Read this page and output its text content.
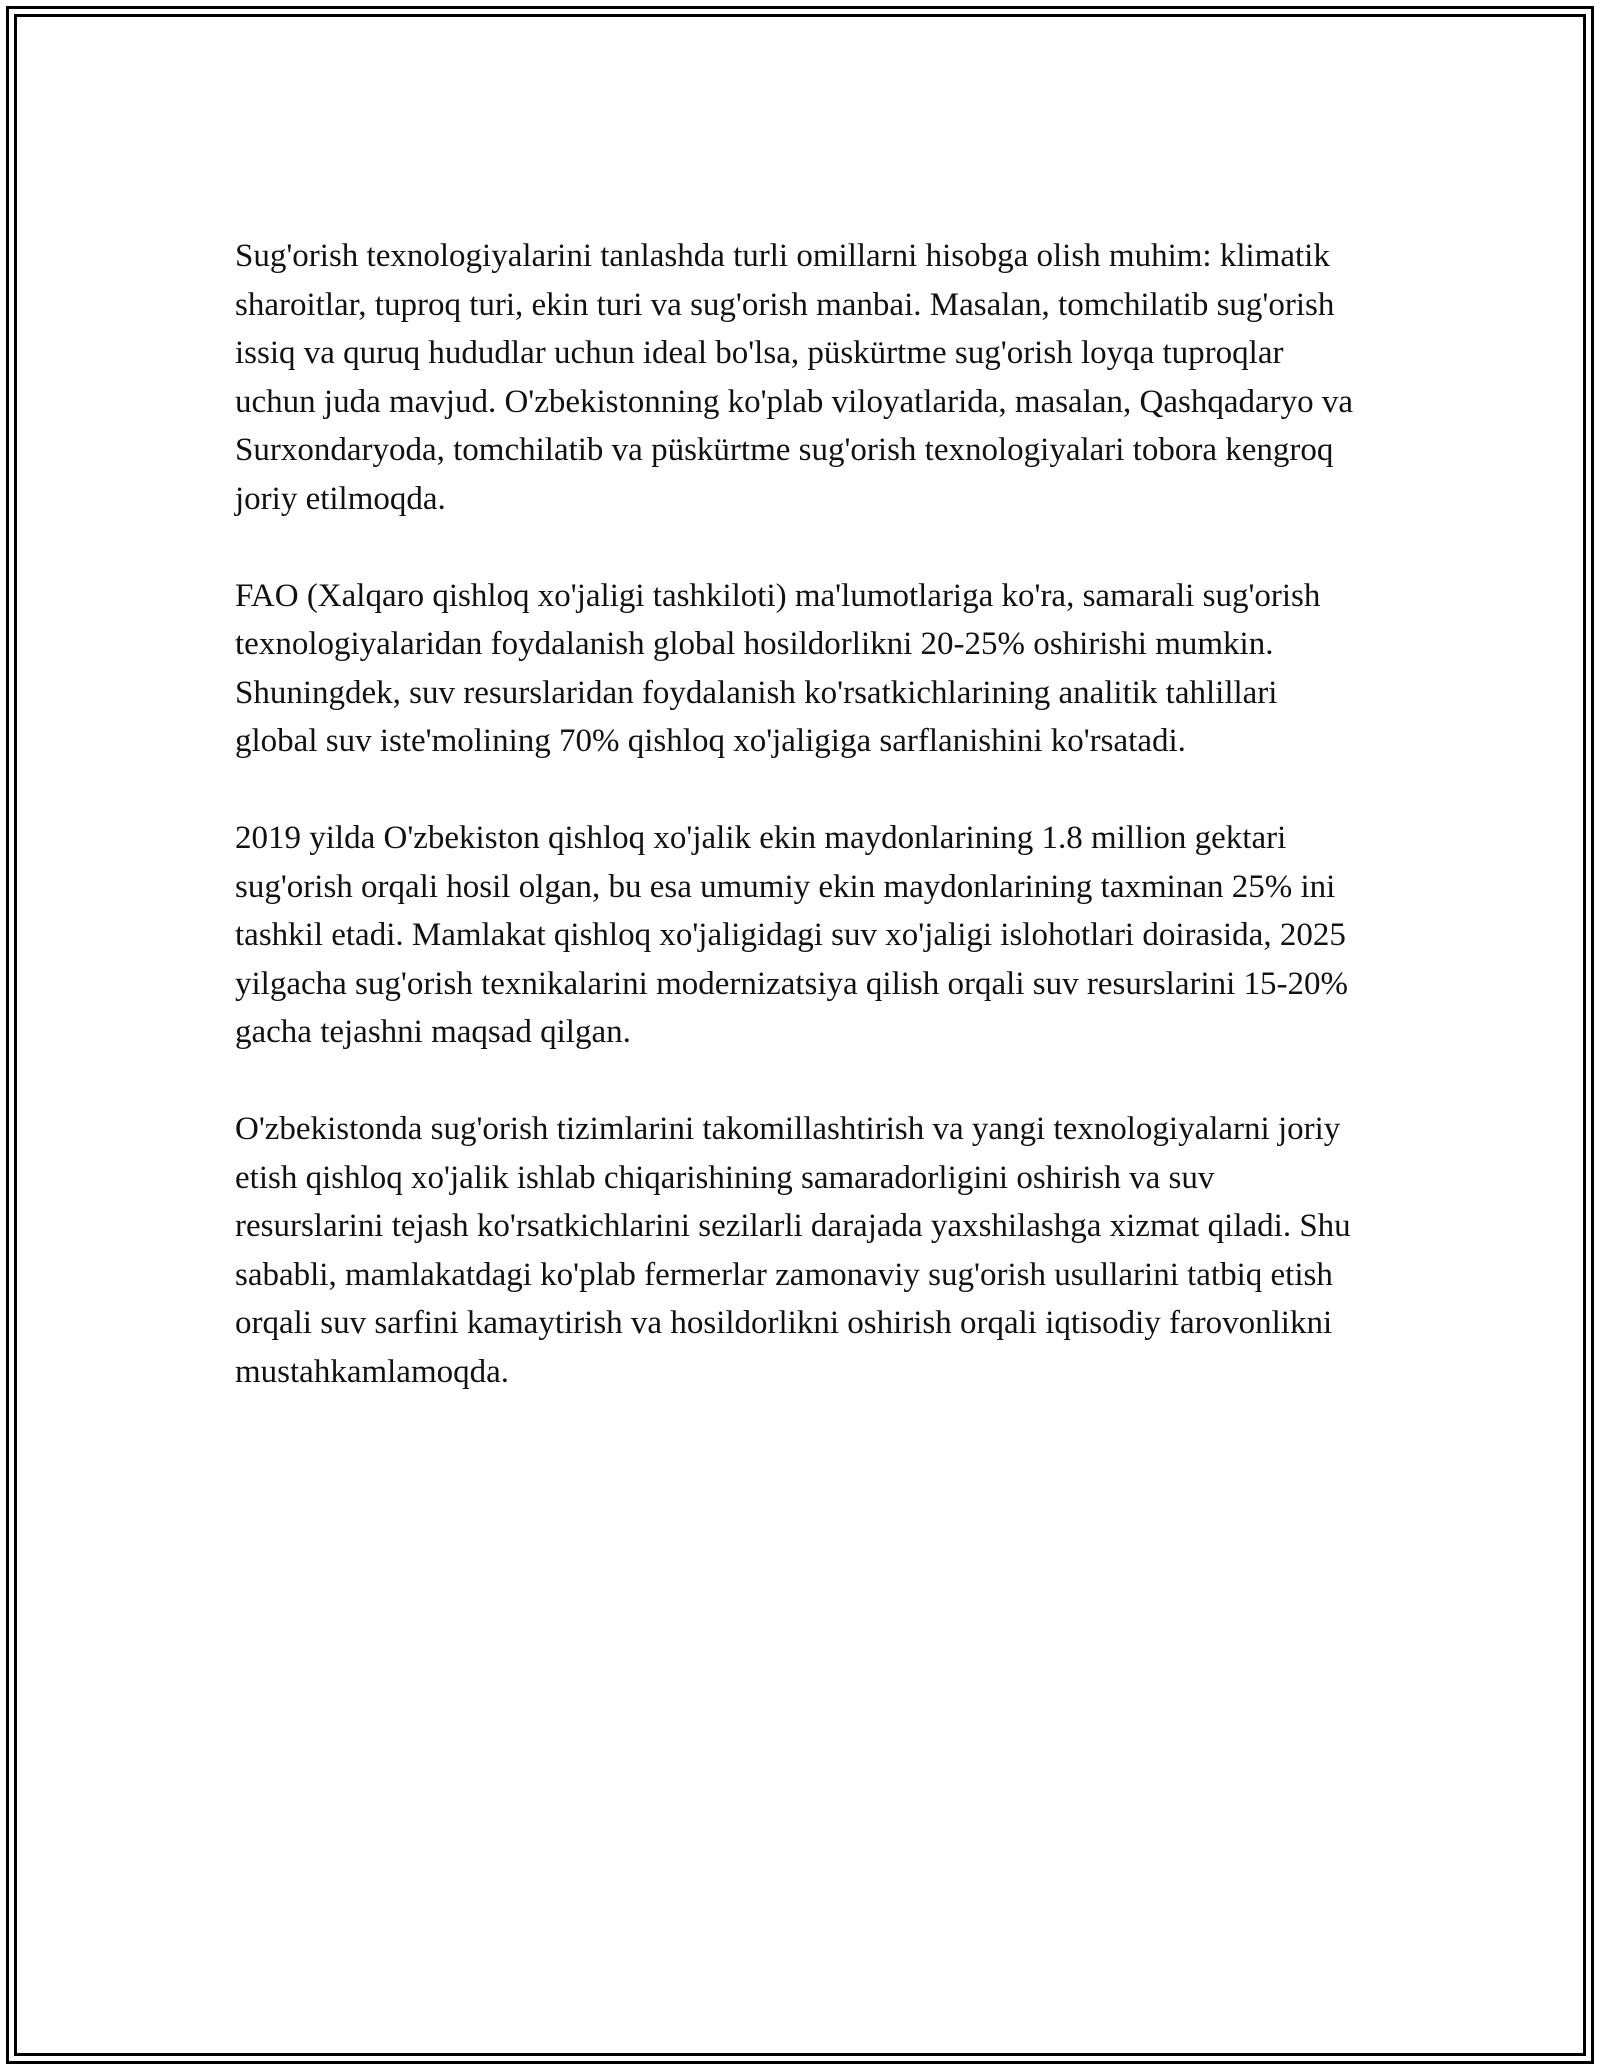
Sug'orish texnologiyalarini tanlashda turli omillarni hisobga olish muhim: klimatik sharoitlar, tuproq turi, ekin turi va sug'orish manbai. Masalan, tomchilatib sug'orish issiq va quruq hududlar uchun ideal bo'lsa, püskürtme sug'orish loyqa tuproqlar uchun juda mavjud. O'zbekistonning ko'plab viloyatlarida, masalan, Qashqadaryo va Surxondaryoda, tomchilatib va püskürtme sug'orish texnologiyalari tobora kengroq joriy etilmoqda.

FAO (Xalqaro qishloq xo'jaligi tashkiloti) ma'lumotlariga ko'ra, samarali sug'orish texnologiyalaridan foydalanish global hosildorlikni 20-25% oshirishi mumkin. Shuningdek, suv resurslaridan foydalanish ko'rsatkichlarining analitik tahlillari global suv iste'molining 70% qishloq xo'jaligiga sarflanishini ko'rsatadi.

2019 yilda O'zbekiston qishloq xo'jalik ekin maydonlarining 1.8 million gektari sug'orish orqali hosil olgan, bu esa umumiy ekin maydonlarining taxminan 25% ini tashkil etadi. Mamlakat qishloq xo'jaligidagi suv xo'jaligi islohotlari doirasida, 2025 yilgacha sug'orish texnikalarini modernizatsiya qilish orqali suv resurslarini 15-20% gacha tejashni maqsad qilgan.

O'zbekistonda sug'orish tizimlarini takomillashtirish va yangi texnologiyalarni joriy etish qishloq xo'jalik ishlab chiqarishining samaradorligini oshirish va suv resurslarini tejash ko'rsatkichlarini sezilarli darajada yaxshilashga xizmat qiladi. Shu sababli, mamlakatdagi ko'plab fermerlar zamonaviy sug'orish usullarini tatbiq etish orqali suv sarfini kamaytirish va hosildorlikni oshirish orqali iqtisodiy farovonlikni mustahkamlamoqda.
